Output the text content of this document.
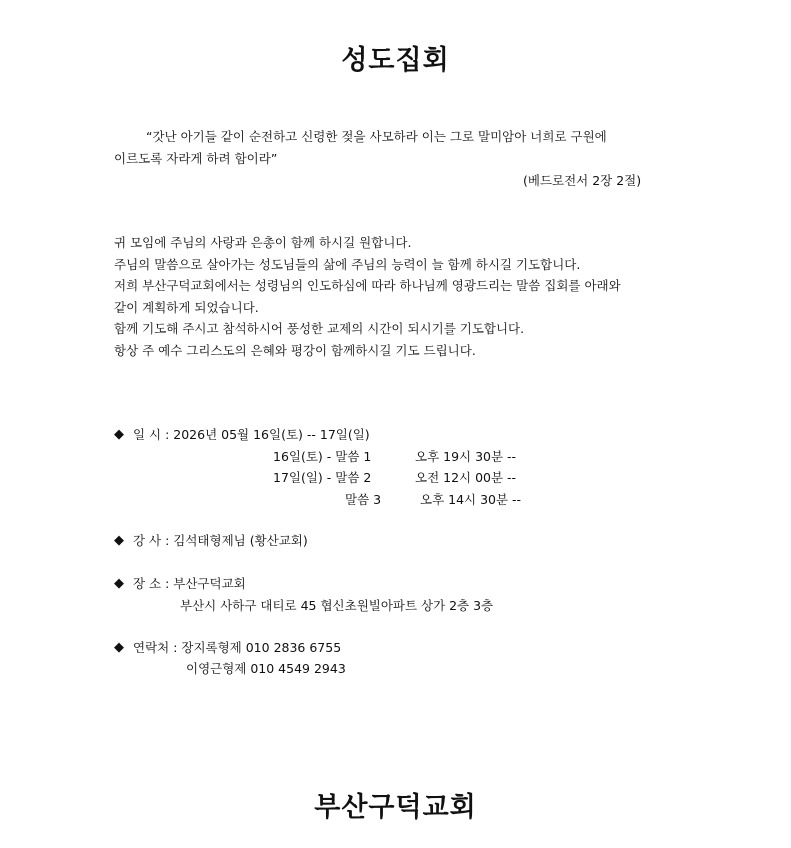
성도집회
“갓난 아기들 같이 순전하고 신령한 젖을 사모하라 이는 그로 말미암아 너희로 구원에
이르도록 자라게 하려 함이라”
(베드로전서 2장 2절)
귀 모임에 주님의 사랑과 은총이 함께 하시길 원합니다.
주님의 말씀으로 살아가는 성도님들의 삶에 주님의 능력이 늘 함께 하시길 기도합니다.
저희 부산구덕교회에서는 성령님의 인도하심에 따라 하나님께 영광드리는 말씀 집회를 아래와
같이 계획하게 되었습니다.
함께 기도해 주시고 참석하시어 풍성한 교제의 시간이 되시기를 기도합니다.
항상 주 예수 그리스도의 은혜와 평강이 함께하시길 기도 드립니다.
◆ 일 시 : 2026년 05월 16일(토) -- 17일(일)
16일(토) - 말씀 1	오후 19시 30분 --
17일(일) - 말씀 2	오전 12시 00분 --
말씀 3	오후 14시 30분 --
◆ 강 사 : 김석태형제님 (황산교회)
◆ 장 소 : 부산구덕교회
부산시 사하구 대티로 45 협신초원빌아파트 상가 2층 3층
◆ 연락처 : 장지록형제 010 2836 6755
이영근형제 010 4549 2943
부산구덕교회
